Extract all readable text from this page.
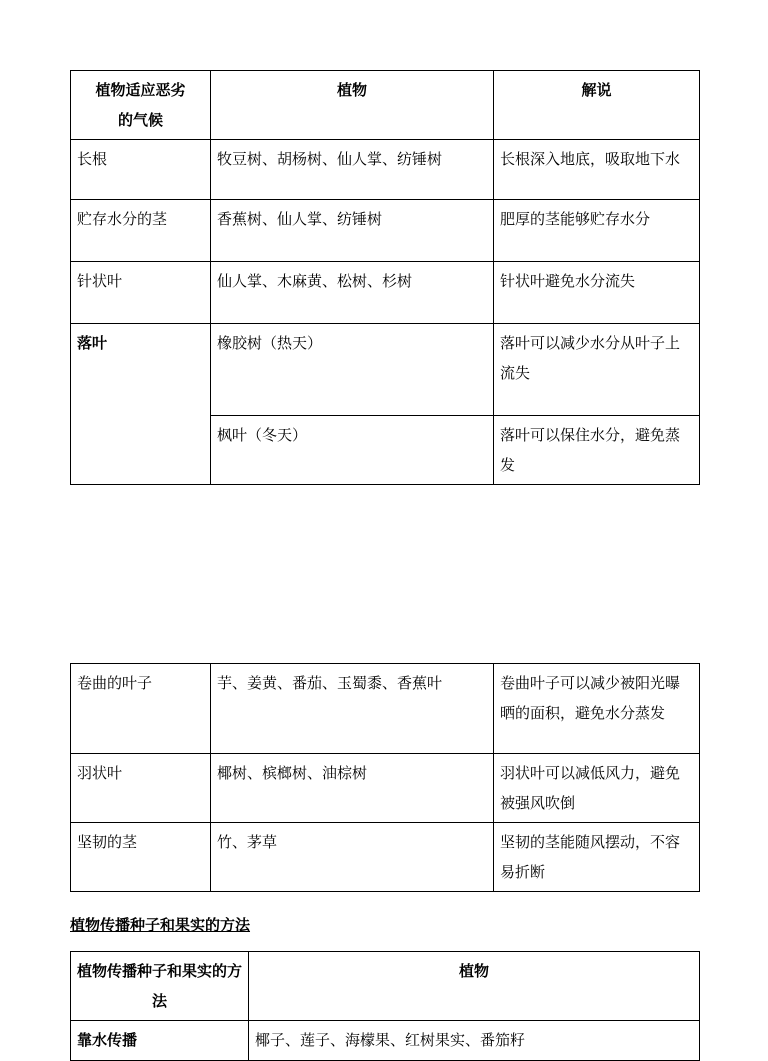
植物适应恶劣的气候	植物	解说
长根	牧豆树、胡杨树、仙人掌、纺锤树	长根深入地底，吸取地下水
贮存水分的茎	香蕉树、仙人掌、纺锤树	肥厚的茎能够贮存水分
针状叶	仙人掌、木麻黄、松树、杉树	针状叶避免水分流失
落叶	橡胶树（热天）	落叶可以减少水分从叶子上流失
	枫叶（冬天）	落叶可以保住水分，避免蒸发
卷曲的叶子	芋、姜黄、番茄、玉蜀黍、香蕉叶	卷曲叶子可以减少被阳光曝晒的面积，避免水分蒸发
羽状叶	椰树、槟榔树、油棕树	羽状叶可以减低风力，避免被强风吹倒
坚韧的茎	竹、茅草	坚韧的茎能随风摆动，不容易折断
植物传播种子和果实的方法
植物传播种子和果实的方法	植物
靠水传播	椰子、莲子、海檬果、红树果实、番笳籽
